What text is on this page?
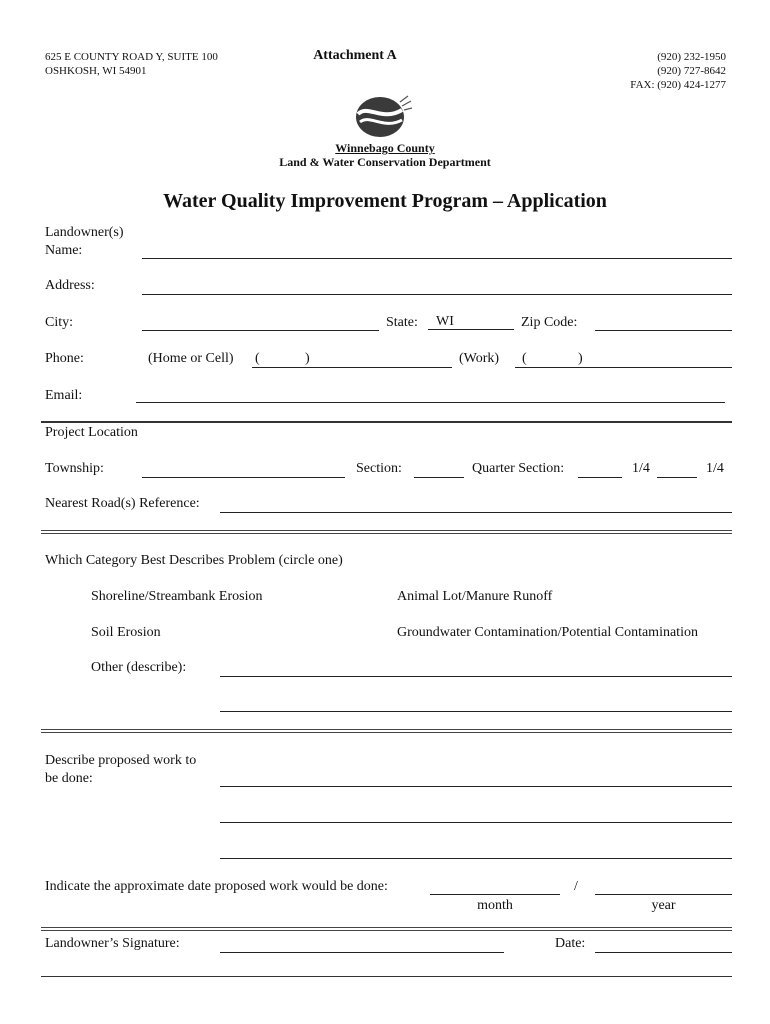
625 E COUNTY ROAD Y, SUITE 100
OSHKOSH, WI 54901
Attachment A	(920) 232-1950
(920) 727-8642
FAX: (920) 424-1277
Winnebago County
Land & Water Conservation Department
Water Quality Improvement Program – Application
Landowner(s)
Name:
Address:
City:	State:	WI	Zip Code:
Phone:	(Home or Cell) (	)	(Work) (	)
Email:
Project Location
Township:	Section:	Quarter Section:	1/4	1/4
Nearest Road(s) Reference:
Which Category Best Describes Problem (circle one)
Shoreline/Streambank Erosion	Animal Lot/Manure Runoff
Soil Erosion	Groundwater Contamination/Potential Contamination
Other (describe):
Describe proposed work to
be done:
Indicate the approximate date proposed work would be done:	/
month	year
Landowner’s Signature:	Date:
